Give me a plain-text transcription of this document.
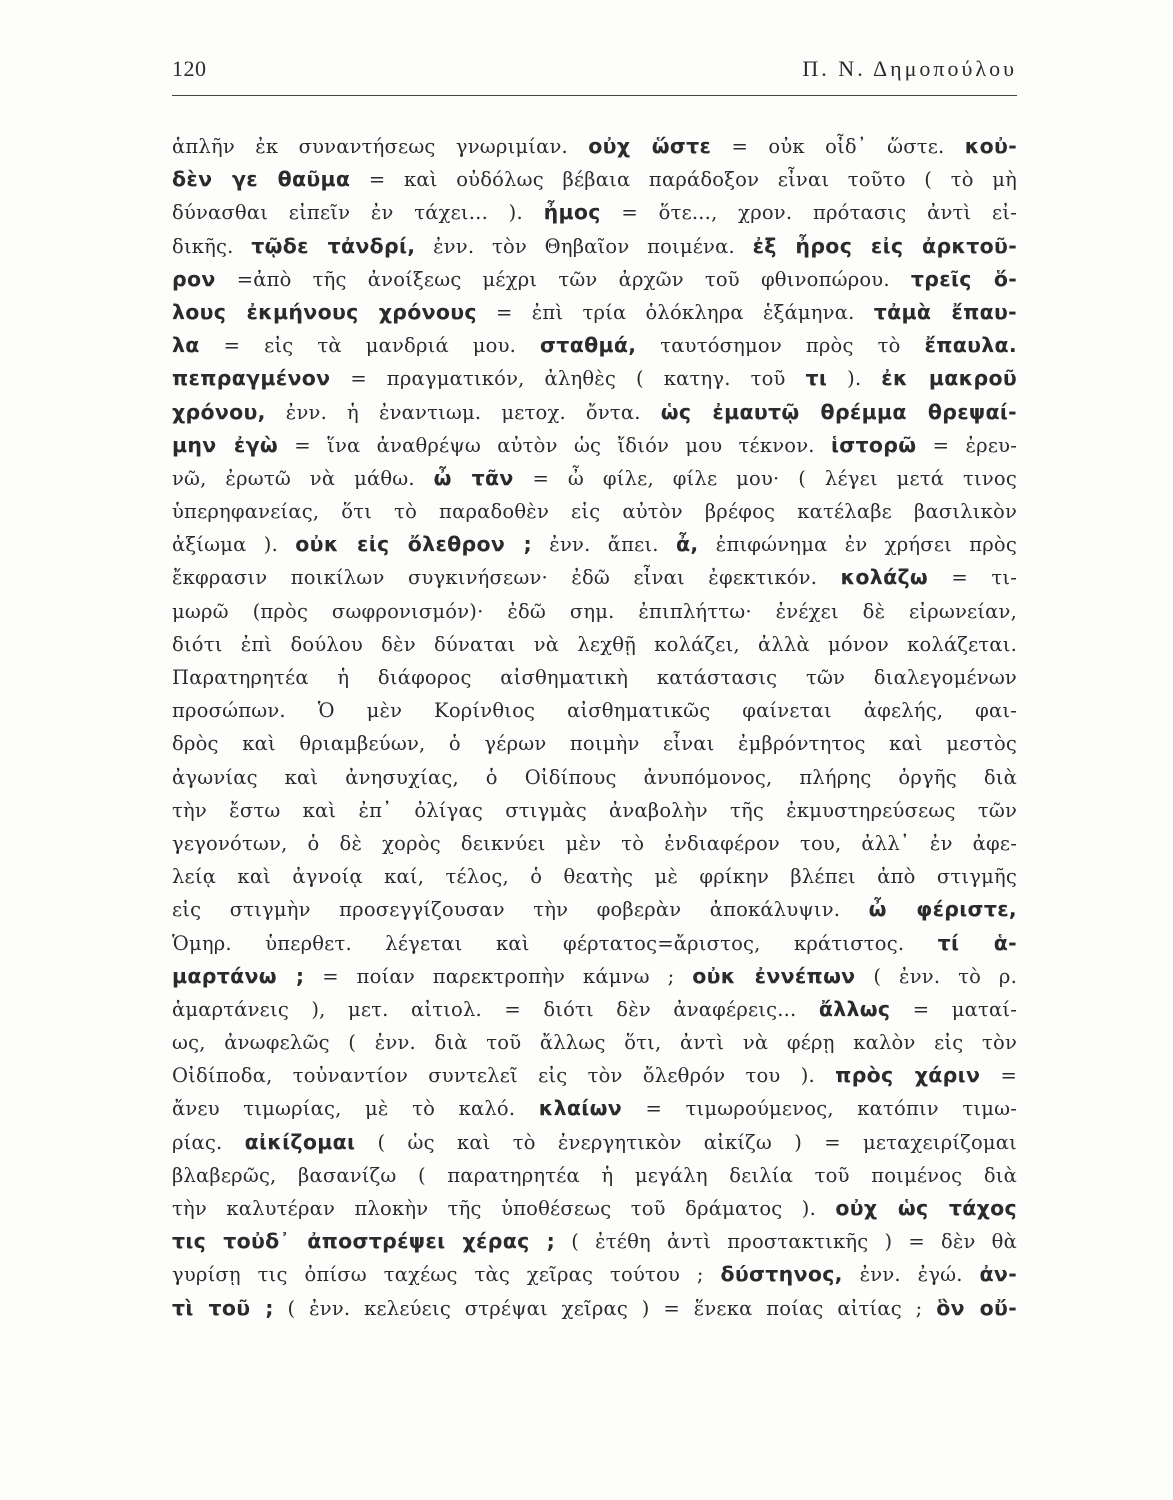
120	Π. Ν. Δημοπούλου
ἁπλῆν ἐκ συναντήσεως γνωριμίαν. οὐχ ὥστε = οὐκ οἶδ᾽ ὥστε. κοὐ-
δὲν γε θαῦμα = καὶ οὐδόλως βέβαια παράδοξον εἶναι τοῦτο ( τὸ μὴ
δύνασθαι εἰπεῖν ἐν τάχει... ). ἦμος = ὅτε..., χρον. πρότασις ἀντὶ εἰ-
δικῆς. τῷδε τἀνδρί, ἐνν. τὸν Θηβαῖον ποιμένα. ἐξ ἦρος εἰς ἀρκτοῦ-
ρον =ἀπὸ τῆς ἀνοίξεως μέχρι τῶν ἀρχῶν τοῦ φθινοπώρου. τρεῖς ὅ-
λους ἐκμήνους χρόνους = ἐπὶ τρία ὁλόκληρα ἑξάμηνα. τἀμὰ ἔπαυ-
λα = εἰς τὰ μανδριά μου. σταθμά, ταυτόσημον πρὸς τὸ ἔπαυλα.
πεπραγμένον = πραγματικόν, ἀληθὲς ( κατηγ. τοῦ τι ). ἐκ μακροῦ
χρόνου, ἐνν. ἡ ἐναντιωμ. μετοχ. ὄντα. ὡς ἐμαυτῷ θρέμμα θρεψαί-
μην ἐγὼ = ἵνα ἀναθρέψω αὐτὸν ὡς ἴδιόν μου τέκνον. ἱστορῶ = ἐρευ-
νῶ, ἐρωτῶ νὰ μάθω. ὦ τᾶν = ὦ φίλε, φίλε μου· ( λέγει μετά τινος
ὑπερηφανείας, ὅτι τὸ παραδοθὲν εἰς αὐτὸν βρέφος κατέλαβε βασιλικὸν
ἀξίωμα ). οὐκ εἰς ὄλεθρον ; ἐνν. ἄπει. ἆ, ἐπιφώνημα ἐν χρήσει πρὸς
ἔκφρασιν ποικίλων συγκινήσεων· ἐδῶ εἶναι ἐφεκτικόν. κολάζω = τι-
μωρῶ (πρὸς σωφρονισμόν)· ἐδῶ σημ. ἐπιπλήττω· ἐνέχει δὲ εἰρωνείαν,
διότι ἐπὶ δούλου δὲν δύναται νὰ λεχθῇ κολάζει, ἀλλὰ μόνον κολάζεται.
Παρατηρητέα ἡ διάφορος αἰσθηματικὴ κατάστασις τῶν διαλεγομένων
προσώπων. Ὁ μὲν Κορίνθιος αἰσθηματικῶς φαίνεται ἀφελής, φαι-
δρὸς καὶ θριαμβεύων, ὁ γέρων ποιμὴν εἶναι ἐμβρόντητος καὶ μεστὸς
ἀγωνίας καὶ ἀνησυχίας, ὁ Οἰδίπους ἀνυπόμονος, πλήρης ὀργῆς διὰ
τὴν ἔστω καὶ ἐπ᾽ ὀλίγας στιγμὰς ἀναβολὴν τῆς ἐκμυστηρεύσεως τῶν
γεγονότων, ὁ δὲ χορὸς δεικνύει μὲν τὸ ἐνδιαφέρον του, ἀλλ᾽ ἐν ἀφε-
λείᾳ καὶ ἀγνοίᾳ καί, τέλος, ὁ θεατὴς μὲ φρίκην βλέπει ἀπὸ στιγμῆς
εἰς στιγμὴν προσεγγίζουσαν τὴν φοβερὰν ἀποκάλυψιν. ὦ φέριστε,
Ὁμηρ. ὑπερθετ. λέγεται καὶ φέρτατος=ἄριστος, κράτιστος. τί ἁ-
μαρτάνω ; = ποίαν παρεκτροπὴν κάμνω ; οὐκ ἐννέπων ( ἐνν. τὸ ρ.
ἁμαρτάνεις ), μετ. αἰτιολ. = διότι δὲν ἀναφέρεις... ἄλλως = ματαί-
ως, ἀνωφελῶς ( ἐνν. διὰ τοῦ ἄλλως ὅτι, ἀντὶ νὰ φέρῃ καλὸν εἰς τὸν
Οἰδίποδα, τοὐναντίον συντελεῖ εἰς τὸν ὄλεθρόν του ). πρὸς χάριν =
ἄνευ τιμωρίας, μὲ τὸ καλό. κλαίων = τιμωρούμενος, κατόπιν τιμω-
ρίας. αἰκίζομαι ( ὡς καὶ τὸ ἐνεργητικὸν αἰκίζω ) = μεταχειρίζομαι
βλαβερῶς, βασανίζω ( παρατηρητέα ἡ μεγάλη δειλία τοῦ ποιμένος διὰ
τὴν καλυτέραν πλοκὴν τῆς ὑποθέσεως τοῦ δράματος ). οὐχ ὡς τάχος
τις τοὐδ᾽ ἀποστρέψει χέρας ; ( ἐτέθη ἀντὶ προστακτικῆς ) = δὲν θὰ
γυρίσῃ τις ὀπίσω ταχέως τὰς χεῖρας τούτου ; δύστηνος, ἐνν. ἐγώ. ἀν-
τὶ τοῦ ; ( ἐνν. κελεύεις στρέψαι χεῖρας ) = ἕνεκα ποίας αἰτίας ; ὃν οὔ-
